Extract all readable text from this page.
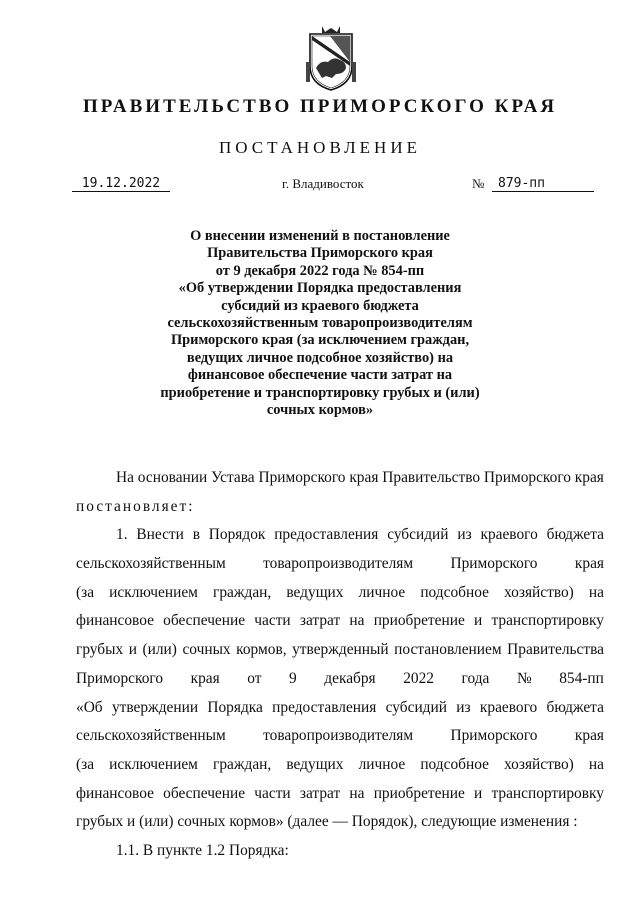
ПРАВИТЕЛЬСТВО ПРИМОРСКОГО КРАЯ
ПОСТАНОВЛЕНИЕ
19.12.2022	г. Владивосток	№	879-пп
О внесении изменений в постановление
Правительства Приморского края
от 9 декабря 2022 года № 854-пп
«Об утверждении Порядка предоставления
субсидий из краевого бюджета
сельскохозяйственным товаропроизводителям
Приморского края (за исключением граждан,
ведущих личное подсобное хозяйство) на
финансовое обеспечение части затрат на
приобретение и транспортировку грубых и (или)
сочных кормов»
На основании Устава Приморского края Правительство Приморского края
постановляет:
1. Внести в Порядок предоставления субсидий из краевого бюджета
сельскохозяйственным товаропроизводителям Приморского края
(за исключением граждан, ведущих личное подсобное хозяйство) на
финансовое обеспечение части затрат на приобретение и транспортировку
грубых и (или) сочных кормов, утвержденный постановлением Правительства
Приморского края от 9 декабря 2022 года № 854-пп
«Об утверждении Порядка предоставления субсидий из краевого бюджета
сельскохозяйственным товаропроизводителям Приморского края
(за исключением граждан, ведущих личное подсобное хозяйство) на
финансовое обеспечение части затрат на приобретение и транспортировку
грубых и (или) сочных кормов» (далее — Порядок), следующие изменения :
1.1. В пункте 1.2 Порядка:
